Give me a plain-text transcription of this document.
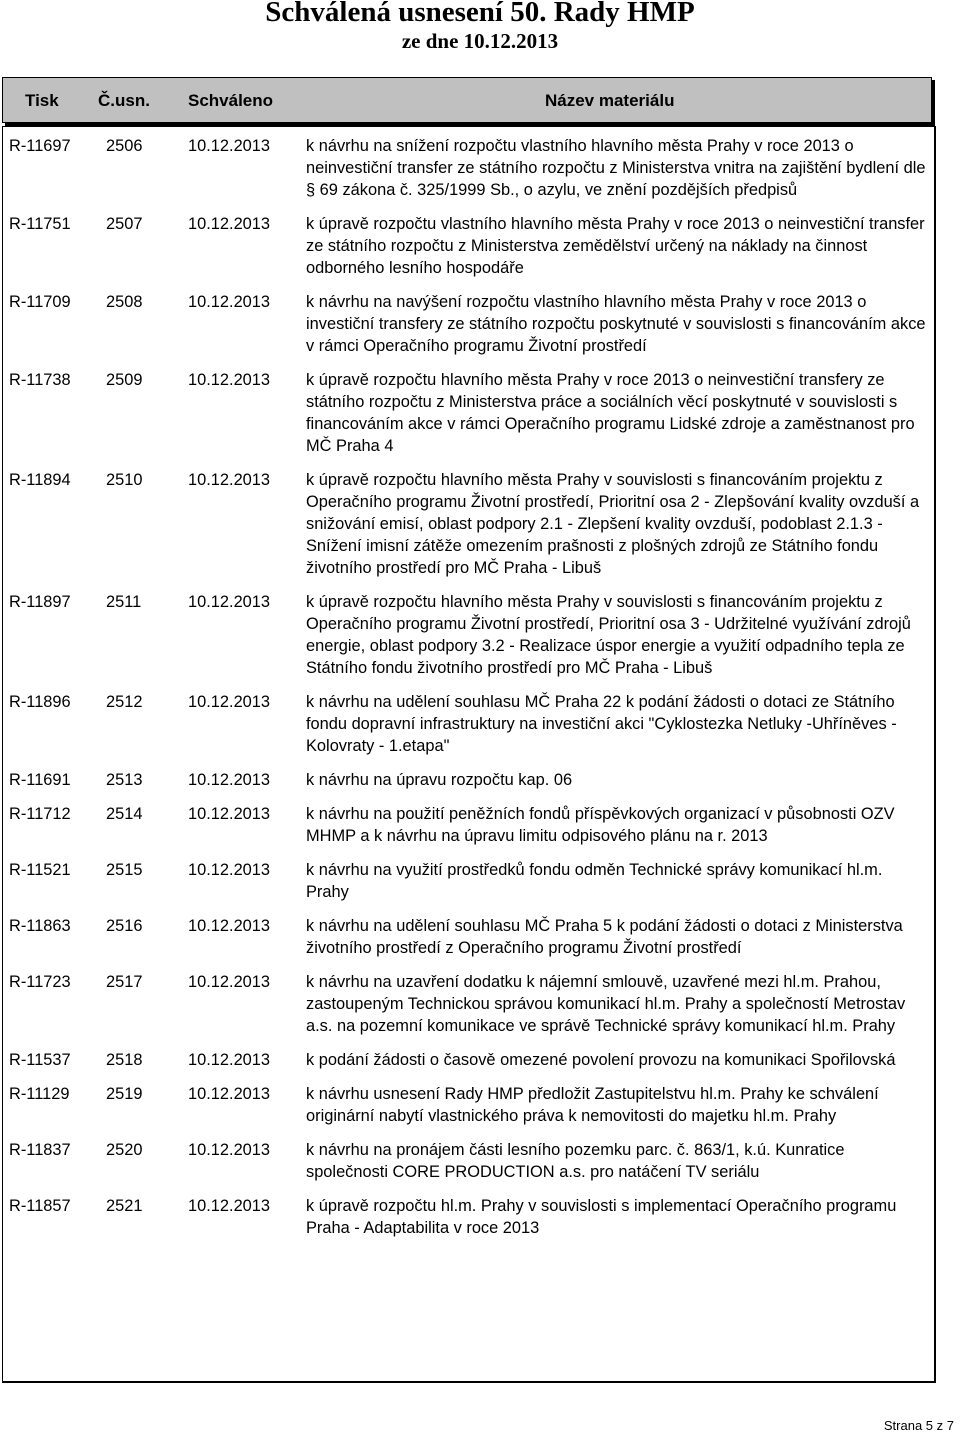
Schválená usnesení 50. Rady HMP
ze dne 10.12.2013
Tisk Č.usn. Schváleno	Název materiálu
R-11697 2506	10.12.2013 k návrhu na snížení rozpočtu vlastního hlavního města Prahy v roce 2013 o neinvestiční transfer ze státního rozpočtu z Ministerstva vnitra na zajištění bydlení dle § 69 zákona č. 325/1999 Sb., o azylu, ve znění pozdějších předpisů
R-11751 2507	10.12.2013 k úpravě rozpočtu vlastního hlavního města Prahy v roce 2013 o neinvestiční transfer ze státního rozpočtu z Ministerstva zemědělství určený na náklady na činnost odborného lesního hospodáře
R-11709 2508	10.12.2013 k návrhu na navýšení rozpočtu vlastního hlavního města Prahy v roce 2013 o investiční transfery ze státního rozpočtu poskytnuté v souvislosti s financováním akce v rámci Operačního programu Životní prostředí
R-11738 2509	10.12.2013 k úpravě rozpočtu hlavního města Prahy v roce 2013 o neinvestiční transfery ze státního rozpočtu z Ministerstva práce a sociálních věcí poskytnuté v souvislosti s financováním akce v rámci Operačního programu Lidské zdroje a zaměstnanost pro MČ Praha 4
R-11894 2510	10.12.2013 k úpravě rozpočtu hlavního města Prahy v souvislosti s financováním projektu z Operačního programu Životní prostředí, Prioritní osa 2 - Zlepšování kvality ovzduší a snižování emisí, oblast podpory 2.1 - Zlepšení kvality ovzduší, podoblast 2.1.3 - Snížení imisní zátěže omezením prašnosti z plošných zdrojů ze Státního fondu životního prostředí pro MČ Praha - Libuš
R-11897 2511	10.12.2013 k úpravě rozpočtu hlavního města Prahy v souvislosti s financováním projektu z Operačního programu Životní prostředí, Prioritní osa 3 - Udržitelné využívání zdrojů energie, oblast podpory 3.2 - Realizace úspor energie a využití odpadního tepla ze Státního fondu životního prostředí pro MČ Praha - Libuš
R-11896 2512	10.12.2013 k návrhu na udělení souhlasu MČ Praha 22 k podání žádosti o dotaci ze Státního fondu dopravní infrastruktury na investiční akci "Cyklostezka Netluky -Uhříněves - Kolovraty - 1.etapa"
R-11691 2513	10.12.2013 k návrhu na úpravu rozpočtu kap. 06
R-11712 2514	10.12.2013 k návrhu na použití peněžních fondů příspěvkových organizací v působnosti OZV MHMP a k návrhu na úpravu limitu odpisového plánu na r. 2013
R-11521 2515	10.12.2013 k návrhu na využití prostředků fondu odměn Technické správy komunikací hl.m. Prahy
R-11863 2516	10.12.2013 k návrhu na udělení souhlasu MČ Praha 5 k podání žádosti o dotaci z Ministerstva životního prostředí z Operačního programu Životní prostředí
R-11723 2517	10.12.2013 k návrhu na uzavření dodatku k nájemní smlouvě, uzavřené mezi hl.m. Prahou, zastoupeným Technickou správou komunikací hl.m. Prahy a společností Metrostav a.s. na pozemní komunikace ve správě Technické správy komunikací hl.m. Prahy
R-11537 2518	10.12.2013 k podání žádosti o časově omezené povolení provozu na komunikaci Spořilovská
R-11129 2519	10.12.2013 k návrhu usnesení Rady HMP předložit Zastupitelstvu hl.m. Prahy ke schválení originární nabytí vlastnického práva k nemovitosti do majetku hl.m. Prahy
R-11837 2520	10.12.2013 k návrhu na pronájem části lesního pozemku parc. č. 863/1, k.ú. Kunratice společnosti CORE PRODUCTION a.s. pro natáčení TV seriálu
R-11857 2521	10.12.2013 k úpravě rozpočtu hl.m. Prahy v souvislosti s implementací Operačního programu Praha - Adaptabilita v roce 2013
Strana 5 z 7
